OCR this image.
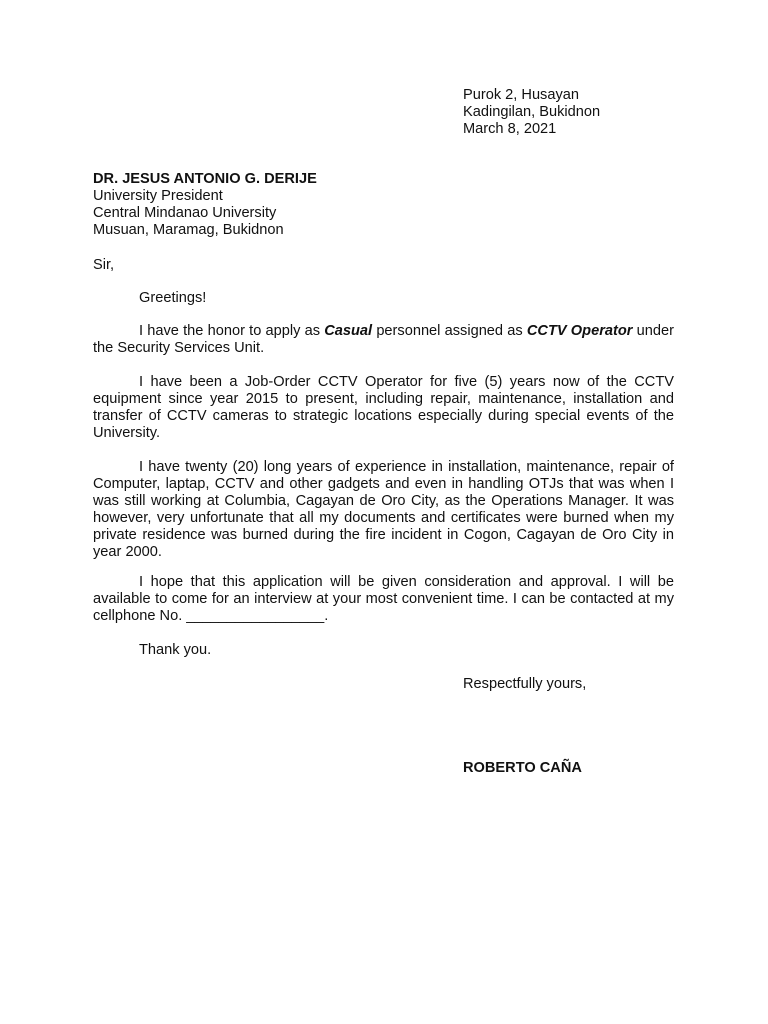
Purok 2, Husayan
Kadingilan, Bukidnon
March 8, 2021
DR. JESUS ANTONIO G. DERIJE
University President
Central Mindanao University
Musuan, Maramag, Bukidnon
Sir,
Greetings!
I have the honor to apply as Casual personnel assigned as CCTV Operator under the Security Services Unit.
I have been a Job-Order CCTV Operator for five (5) years now of the CCTV equipment since year 2015 to present, including repair, maintenance, installation and transfer of CCTV cameras to strategic locations especially during special events of the University.
I have twenty (20) long years of experience in installation, maintenance, repair of Computer, laptap, CCTV and other gadgets and even in handling OTJs that was when I was still working at Columbia, Cagayan de Oro City, as the Operations Manager. It was however, very unfortunate that all my documents and certificates were burned when my private residence was burned during the fire incident in Cogon, Cagayan de Oro City in year 2000.
I hope that this application will be given consideration and approval. I will be available to come for an interview at your most convenient time. I can be contacted at my cellphone No. _________________.
Thank you.
Respectfully yours,
ROBERTO CAÑA
